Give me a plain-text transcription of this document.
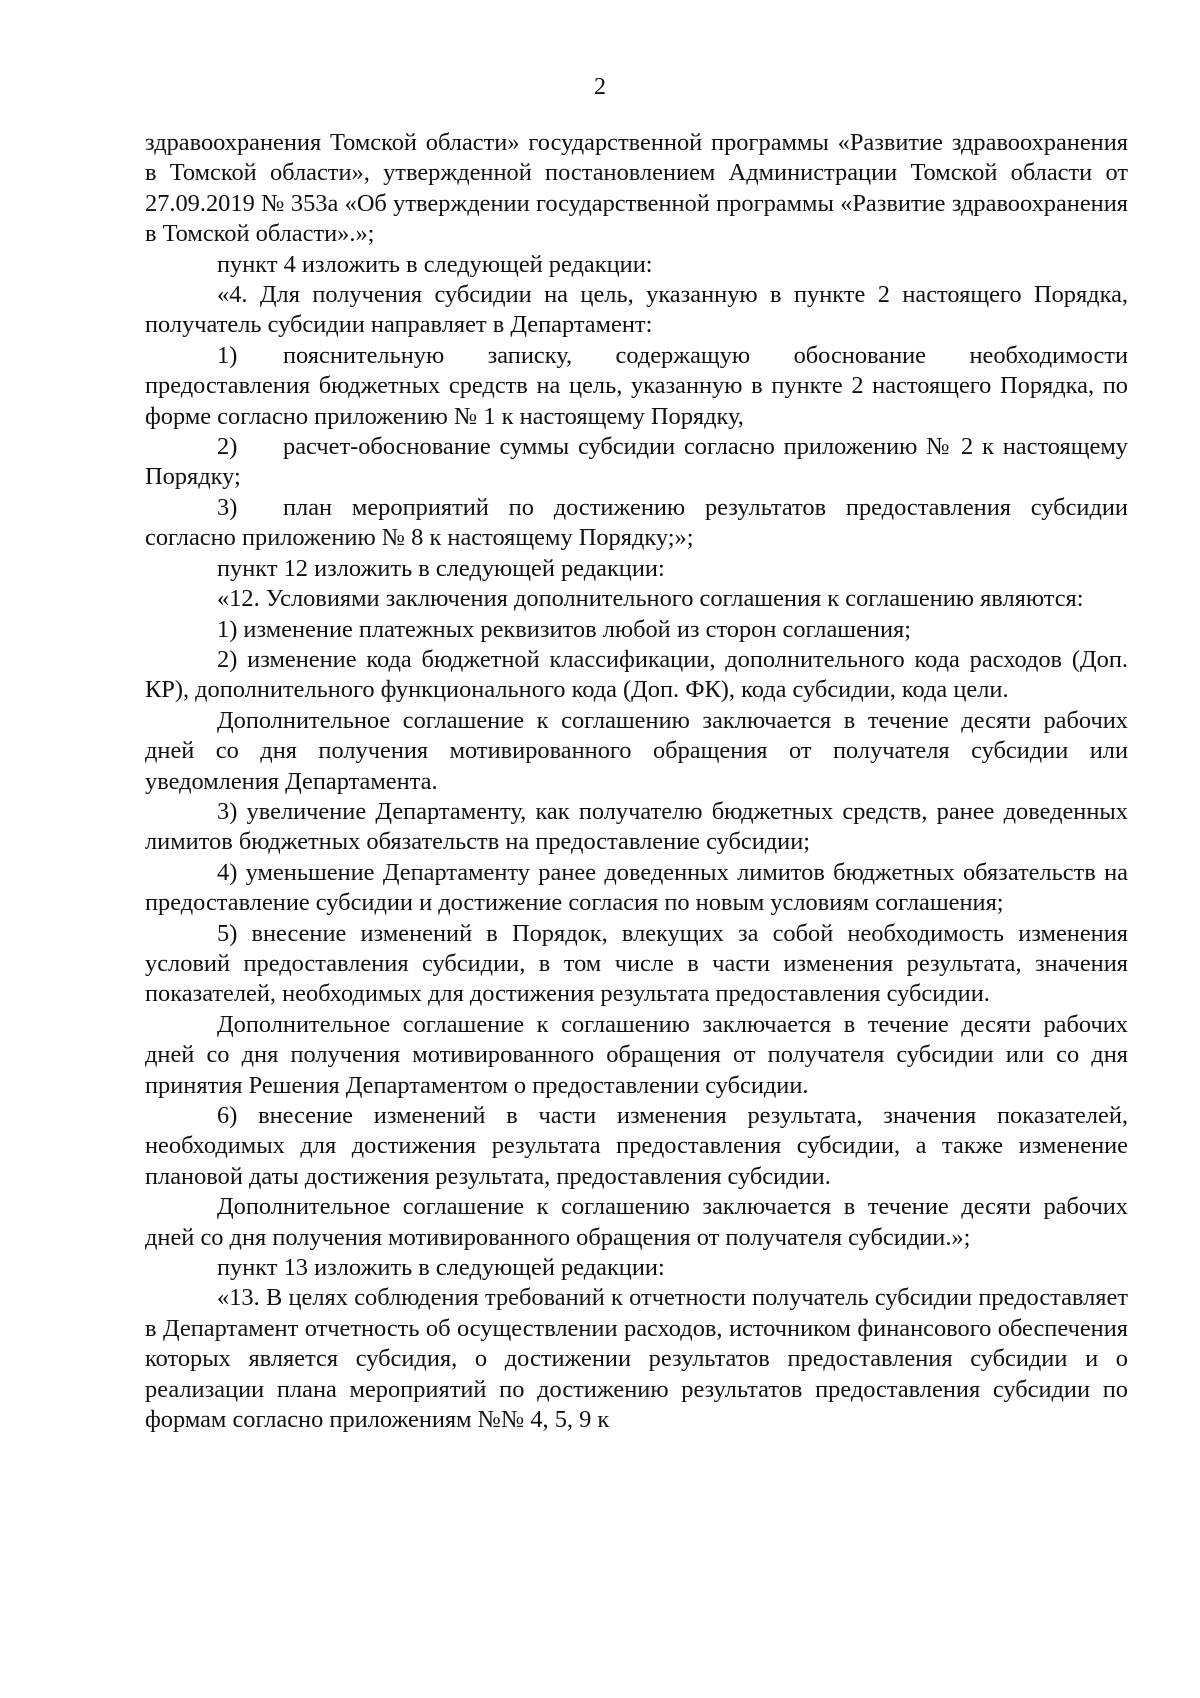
2

здравоохранения Томской области» государственной программы «Развитие здравоохранения в Томской области», утвержденной постановлением Администрации Томской области от 27.09.2019 № 353а «Об утверждении государственной программы «Развитие здравоохранения в Томской области».»;

пункт 4 изложить в следующей редакции:

«4. Для получения субсидии на цель, указанную в пункте 2 настоящего Порядка, получатель субсидии направляет в Департамент:

1) пояснительную записку, содержащую обоснование необходимости предоставления бюджетных средств на цель, указанную в пункте 2 настоящего Порядка, по форме согласно приложению № 1 к настоящему Порядку,

2) расчет-обоснование суммы субсидии согласно приложению № 2 к настоящему Порядку;

3) план мероприятий по достижению результатов предоставления субсидии согласно приложению № 8 к настоящему Порядку;»;

пункт 12 изложить в следующей редакции:

«12. Условиями заключения дополнительного соглашения к соглашению являются:

1) изменение платежных реквизитов любой из сторон соглашения;

2) изменение кода бюджетной классификации, дополнительного кода расходов (Доп. КР), дополнительного функционального кода (Доп. ФК), кода субсидии, кода цели.

Дополнительное соглашение к соглашению заключается в течение десяти рабочих дней со дня получения мотивированного обращения от получателя субсидии или уведомления Департамента.

3) увеличение Департаменту, как получателю бюджетных средств, ранее доведенных лимитов бюджетных обязательств на предоставление субсидии;

4) уменьшение Департаменту ранее доведенных лимитов бюджетных обязательств на предоставление субсидии и достижение согласия по новым условиям соглашения;

5) внесение изменений в Порядок, влекущих за собой необходимость изменения условий предоставления субсидии, в том числе в части изменения результата, значения показателей, необходимых для достижения результата предоставления субсидии.

Дополнительное соглашение к соглашению заключается в течение десяти рабочих дней со дня получения мотивированного обращения от получателя субсидии или со дня принятия Решения Департаментом о предоставлении субсидии.

6) внесение изменений в части изменения результата, значения показателей, необходимых для достижения результата предоставления субсидии, а также изменение плановой даты достижения результата, предоставления субсидии.

Дополнительное соглашение к соглашению заключается в течение десяти рабочих дней со дня получения мотивированного обращения от получателя субсидии.»;

пункт 13 изложить в следующей редакции:

«13. В целях соблюдения требований к отчетности получатель субсидии предоставляет в Департамент отчетность об осуществлении расходов, источником финансового обеспечения которых является субсидия, о достижении результатов предоставления субсидии и о реализации плана мероприятий по достижению результатов предоставления субсидии по формам согласно приложениям №№ 4, 5, 9 к
